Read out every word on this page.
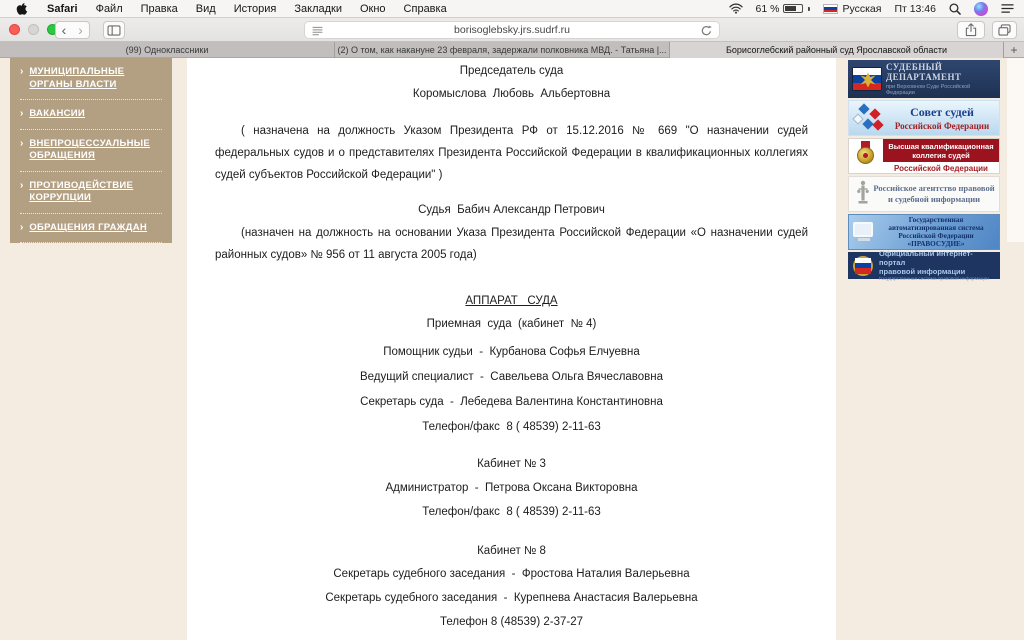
Safari	Файл	Правка	Вид	История	Закладки	Окно	Справка	61 %	Русская Пт 13:46
‹ ›	borisoglebsky.jrs.sudrf.ru
(99) Одноклассники	(2) О том, как накануне 23 февраля, задержали полковника МВД. - Татьяна |...	Борисоглебский районный суд Ярославской области	+
› МУНИЦИПАЛЬНЫЕ ОРГАНЫ ВЛАСТИ
› ВАКАНСИИ
› ВНЕПРОЦЕССУАЛЬНЫЕ ОБРАЩЕНИЯ
› ПРОТИВОДЕЙСТВИЕ КОРРУПЦИИ
› ОБРАЩЕНИЯ ГРАЖДАН
Председатель суда
Коромыслова  Любовь  Альбертовна
( назначена на должность Указом Президента РФ от 15.12.2016 № 669 "О назначении судей федеральных судов и о представителях Президента Российской Федерации в квалификационных коллегиях судей субъектов Российской Федерации" )
Судья  Бабич Александр Петрович
(назначен на должность на основании Указа Президента Российской Федерации «О назначении судей районных судов» № 956 от 11 августа 2005 года)
АППАРАТ   СУДА
Приемная  суда  (кабинет  № 4)
Помощник судьи  -  Курбанова Софья Елчуевна
Ведущий специалист  -  Савельева Ольга Вячеславовна
Секретарь суда  -  Лебедева Валентина Константиновна
Телефон/факс  8 ( 48539) 2-11-63
Кабинет № 3
Администратор  -  Петрова Оксана Викторовна
Телефон/факс  8 ( 48539) 2-11-63
Кабинет № 8
Секретарь судебного заседания  -  Фростова Наталия Валерьевна
Секретарь судебного заседания  -  Курепнева Анастасия Валерьевна
Телефон 8 (48539) 2-37-27
СУДЕБНЫЙ ДЕПАРТАМЕНТ
при Верховном Суде Российской Федерации
Совет судей
Российской Федерации
Высшая квалификационная
коллегия судей
Российской Федерации
Российское агентство правовой
и судебной информации
Государственная
автоматизированная система
Российской Федерации
«ПРАВОСУДИЕ»
Официальный интернет-портал
правовой информации
Государственная система правовой информации
